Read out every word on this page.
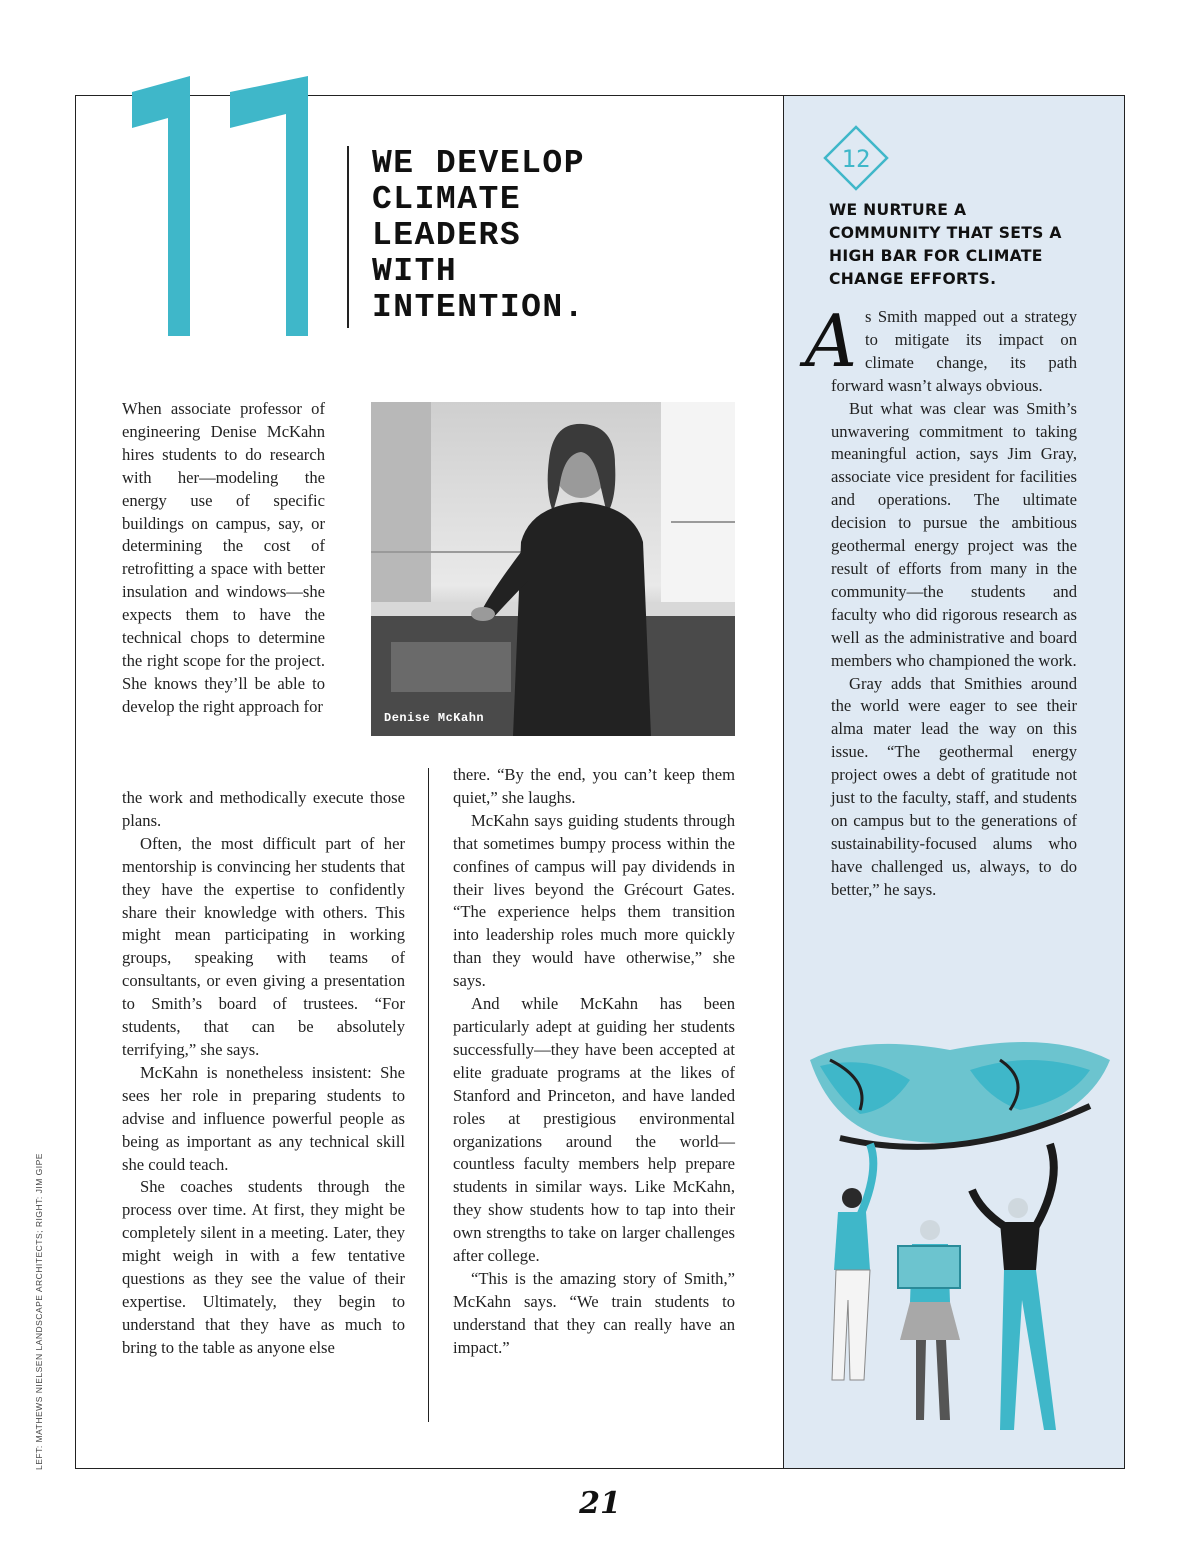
WE DEVELOP
CLIMATE
LEADERS
WITH
INTENTION.
Denise McKahn

When associate professor of engineering Denise McKahn hires students to do research with her—modeling the energy use of specific buildings on campus, say, or determining the cost of retrofitting a space with better insulation and windows—she expects them to have the technical chops to determine the right scope for the project. She knows they’ll be able to develop the right approach for

the work and methodically execute those plans.

Often, the most difficult part of her mentorship is convincing her students that they have the expertise to confidently share their knowledge with others. This might mean participating in working groups, speaking with teams of consultants, or even giving a presentation to Smith’s board of trustees. “For students, that can be absolutely terrifying,” she says.

McKahn is nonetheless insistent: She sees her role in preparing students to advise and influence powerful people as being as important as any technical skill she could teach.

She coaches students through the process over time. At first, they might be completely silent in a meeting. Later, they might weigh in with a few tentative questions as they see the value of their expertise. Ultimately, they begin to understand that they have as much to bring to the table as anyone else

there. “By the end, you can’t keep them quiet,” she laughs.

McKahn says guiding students through that sometimes bumpy process within the confines of campus will pay dividends in their lives beyond the Grécourt Gates. “The experience helps them transition into leadership roles much more quickly than they would have otherwise,” she says.

And while McKahn has been particularly adept at guiding her students successfully—they have been accepted at elite graduate programs at the likes of Stanford and Princeton, and have landed roles at prestigious environmental organizations around the world—countless faculty members help prepare students in similar ways. Like McKahn, they show students how to tap into their own strengths to take on larger challenges after college.

“This is the amazing story of Smith,” McKahn says. “We train students to understand that they can really have an impact.”

12
WE NURTURE A
COMMUNITY THAT SETS A
HIGH BAR FOR CLIMATE
CHANGE EFFORTS.

As Smith mapped out a strategy to mitigate its impact on climate change, its path forward wasn’t always obvious.

But what was clear was Smith’s unwavering commitment to taking meaningful action, says Jim Gray, associate vice president for facilities and operations. The ultimate decision to pursue the ambitious geothermal energy project was the result of efforts from many in the community—the students and faculty who did rigorous research as well as the administrative and board members who championed the work.

Gray adds that Smithies around the world were eager to see their alma mater lead the way on this issue. “The geothermal energy project owes a debt of gratitude not just to the faculty, staff, and students on campus but to the generations of sustainability-focused alums who have challenged us, always, to do better,” he says.

LEFT: MATHEWS NIELSEN LANDSCAPE ARCHITECTS; RIGHT: JIM GIPE
21
